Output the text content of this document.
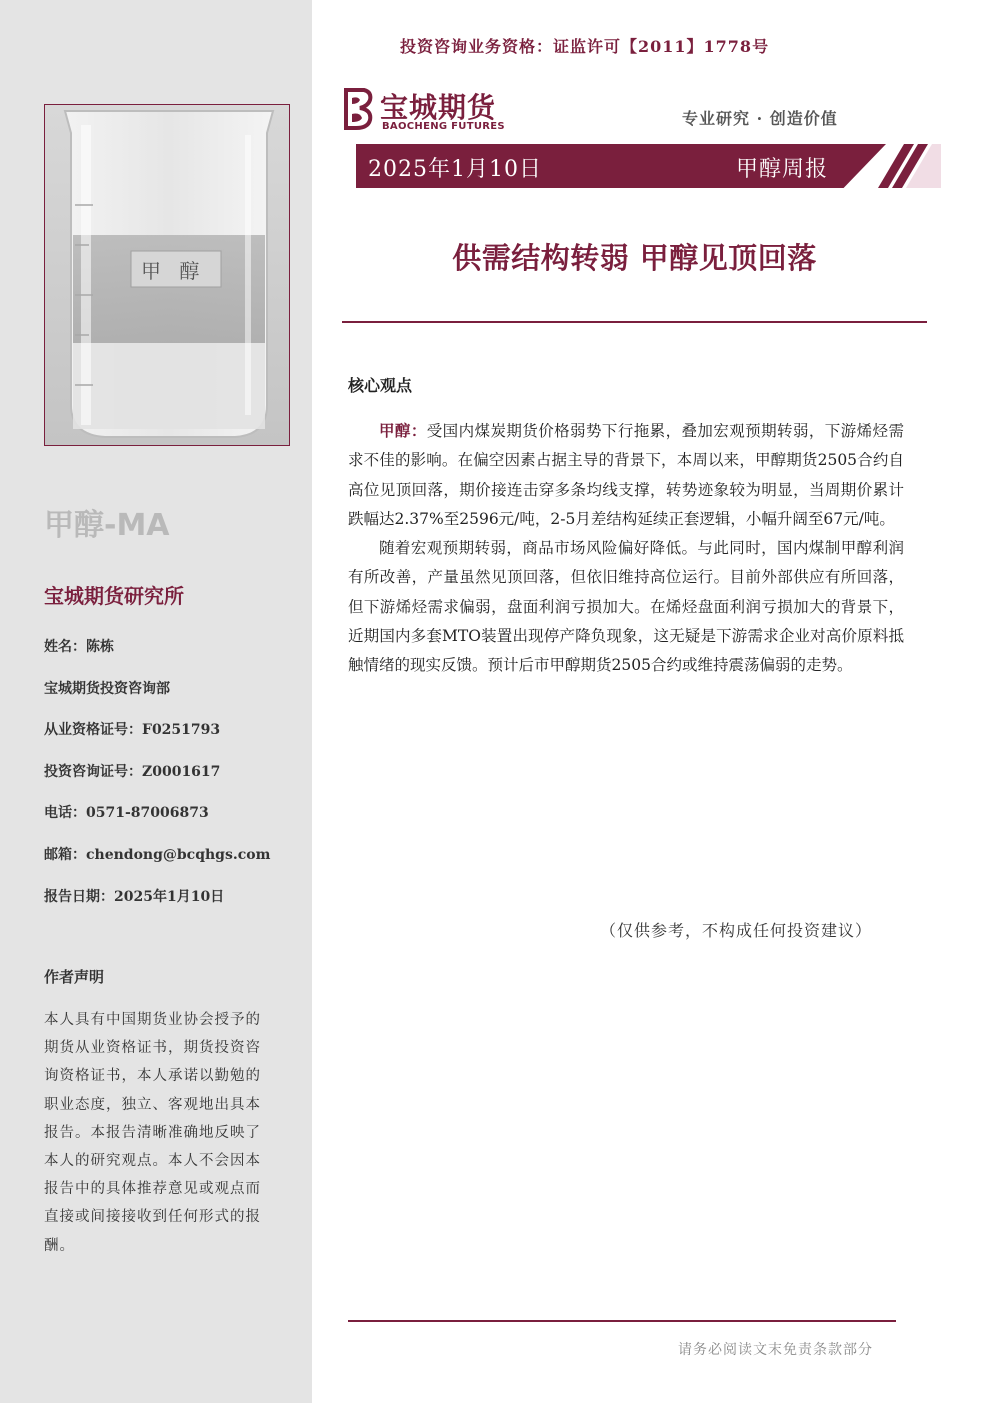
甲 醇
甲醇-MA
宝城期货研究所
姓名：陈栋
宝城期货投资咨询部
从业资格证号：F0251793
投资咨询证号：Z0001617
电话：0571-87006873
邮箱：chendong@bcqhgs.com
报告日期：2025年1月10日
作者声明
本人具有中国期货业协会授予的期货从业资格证书，期货投资咨询资格证书，本人承诺以勤勉的职业态度，独立、客观地出具本报告。本报告清晰准确地反映了本人的研究观点。本人不会因本报告中的具体推荐意见或观点而直接或间接接收到任何形式的报酬。
投资咨询业务资格：证监许可【2011】1778号
宝城期货
BAOCHENG FUTURES	专业研究 · 创造价值
2025年1月10日	甲醇周报
供需结构转弱 甲醇见顶回落
核心观点

甲醇：受国内煤炭期货价格弱势下行拖累，叠加宏观预期转弱，下游烯烃需求不佳的影响。在偏空因素占据主导的背景下，本周以来，甲醇期货2505合约自高位见顶回落，期价接连击穿多条均线支撑，转势迹象较为明显，当周期价累计跌幅达2.37%至2596元/吨，2-5月差结构延续正套逻辑，小幅升阔至67元/吨。

随着宏观预期转弱，商品市场风险偏好降低。与此同时，国内煤制甲醇利润有所改善，产量虽然见顶回落，但依旧维持高位运行。目前外部供应有所回落，但下游烯烃需求偏弱，盘面利润亏损加大。在烯烃盘面利润亏损加大的背景下，近期国内多套MTO装置出现停产降负现象，这无疑是下游需求企业对高价原料抵触情绪的现实反馈。预计后市甲醇期货2505合约或维持震荡偏弱的走势。

（仅供参考，不构成任何投资建议）
请务必阅读文末免责条款部分
